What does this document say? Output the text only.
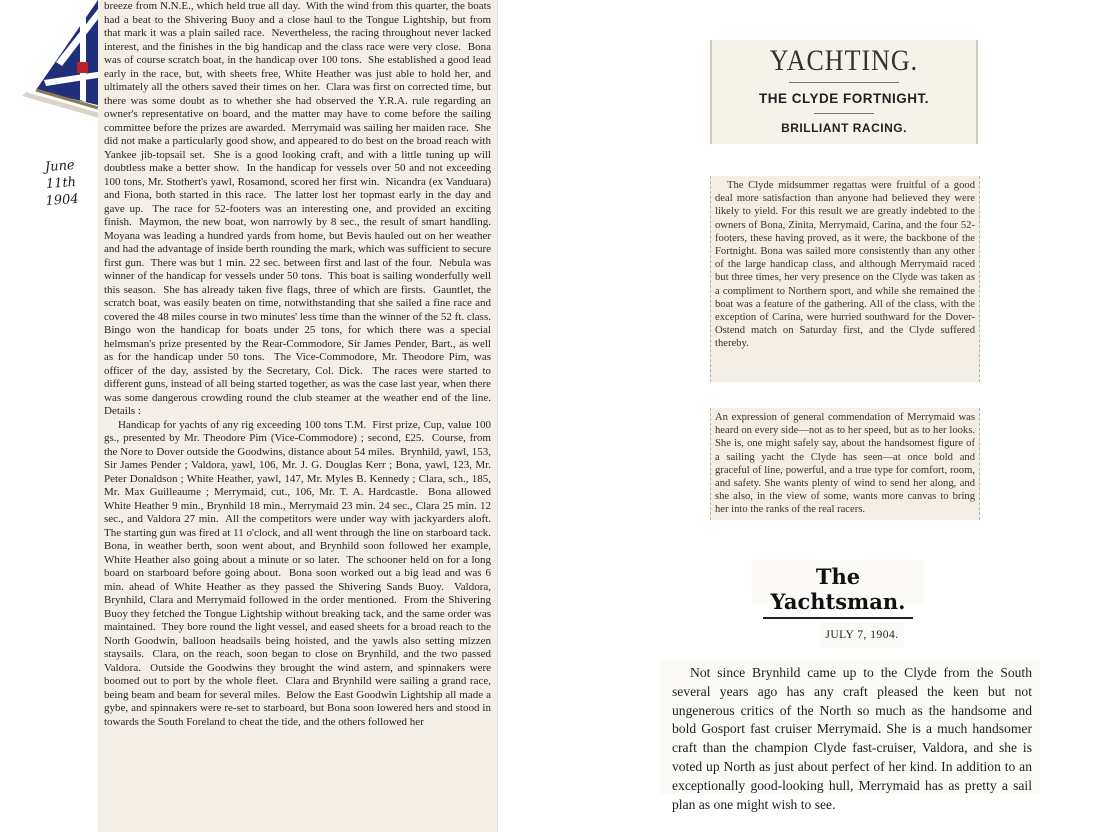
June 11th
1904

breeze from N.N.E., which held true all day.  With the wind from this quarter, the boats had a beat to the Shivering Buoy and a close haul to the Tongue Lightship, but from that mark it was a plain sailed race.  Nevertheless, the racing throughout never lacked interest, and the finishes in the big handicap and the class race were very close.  Bona was of course scratch boat, in the handicap over 100 tons.  She established a good lead early in the race, but, with sheets free, White Heather was just able to hold her, and ultimately all the others saved their times on her.  Clara was first on corrected time, but there was some doubt as to whether she had observed the Y.R.A. rule regarding an owner's representative on board, and the matter may have to come before the sailing committee before the prizes are awarded.  Merrymaid was sailing her maiden race.  She did not make a particularly good show, and appeared to do best on the broad reach with Yankee jib-topsail set.  She is a good looking craft, and with a little tuning up will doubtless make a better show.  In the handicap for vessels over 50 and not exceeding 100 tons, Mr. Stothert's yawl, Rosamond, scored her first win.  Nicandra (ex Vanduara) and Fiona, both started in this race.  The latter lost her topmast early in the day and gave up.  The race for 52-footers was an interesting one, and provided an exciting finish.  Maymon, the new boat, won narrowly by 8 sec., the result of smart handling.  Moyana was leading a hundred yards from home, but Bevis hauled out on her weather and had the advantage of inside berth rounding the mark, which was sufficient to secure first gun.  There was but 1 min. 22 sec. between first and last of the four.  Nebula was winner of the handicap for vessels under 50 tons.  This boat is sailing wonderfully well this season.  She has already taken five flags, three of which are firsts.  Gauntlet, the scratch boat, was easily beaten on time, notwithstanding that she sailed a fine race and covered the 48 miles course in two minutes' less time than the winner of the 52 ft. class.  Bingo won the handicap for boats under 25 tons, for which there was a special helmsman's prize presented by the Rear-Commodore, Sir James Pender, Bart., as well as for the handicap under 50 tons.  The Vice-Commodore, Mr. Theodore Pim, was officer of the day, assisted by the Secretary, Col. Dick.  The races were started to different guns, instead of all being started together, as was the case last year, when there was some dangerous crowding round the club steamer at the weather end of the line.  Details :

Handicap for yachts of any rig exceeding 100 tons T.M.  First prize, Cup, value 100 gs., presented by Mr. Theodore Pim (Vice-Commodore) ; second, £25.  Course, from the Nore to Dover outside the Goodwins, distance about 54 miles.  Brynhild, yawl, 153, Sir James Pender ; Valdora, yawl, 106, Mr. J. G. Douglas Kerr ; Bona, yawl, 123, Mr. Peter Donaldson ; White Heather, yawl, 147, Mr. Myles B. Kennedy ; Clara, sch., 185, Mr. Max Guilleaume ; Merrymaid, cut., 106, Mr. T. A. Hardcastle.  Bona allowed White Heather 9 min., Brynhild 18 min., Merrymaid 23 min. 24 sec., Clara 25 min. 12 sec., and Valdora 27 min.  All the competitors were under way with jackyarders aloft.  The starting gun was fired at 11 o'clock, and all went through the line on starboard tack.  Bona, in weather berth, soon went about, and Brynhild soon followed her example, White Heather also going about a minute or so later.  The schooner held on for a long board on starboard before going about.  Bona soon worked out a big lead and was 6 min. ahead of White Heather as they passed the Shivering Sands Buoy.  Valdora, Brynhild, Clara and Merrymaid followed in the order mentioned.  From the Shivering Buoy they fetched the Tongue Lightship without breaking tack, and the same order was maintained.  They bore round the light vessel, and eased sheets for a broad reach to the North Goodwin, balloon headsails being hoisted, and the yawls also setting mizzen staysails.  Clara, on the reach, soon began to close on Brynhild, and the two passed Valdora.  Outside the Goodwins they brought the wind astern, and spinnakers were boomed out to port by the whole fleet.  Clara and Brynhild were sailing a grand race, being beam and beam for several miles.  Below the East Goodwin Lightship all made a gybe, and spinnakers were re-set to starboard, but Bona soon lowered hers and stood in towards the South Foreland to cheat the tide, and the others followed her

YACHTING.

THE CLYDE FORTNIGHT.

BRILLIANT RACING.

The Clyde midsummer regattas were fruitful of a good deal more satisfaction than anyone had believed they were likely to yield. For this result we are greatly indebted to the owners of Bona, Zinita, Merrymaid, Carina, and the four 52-footers, these having proved, as it were, the backbone of the Fortnight. Bona was sailed more consistently than any other of the large handicap class, and although Merrymaid raced but three times, her very presence on the Clyde was taken as a compliment to Northern sport, and while she remained the boat was a feature of the gathering. All of the class, with the exception of Carina, were hurried southward for the Dover-Ostend match on Saturday first, and the Clyde suffered thereby.

An expression of general commendation of Merrymaid was heard on every side—not as to her speed, but as to her looks. She is, one might safely say, about the handsomest figure of a sailing yacht the Clyde has seen—at once bold and graceful of line, powerful, and a true type for comfort, room, and safety. She wants plenty of wind to send her along, and she also, in the view of some, wants more canvas to bring her into the ranks of the real racers.

The Yachtsman.

JULY 7, 1904.

Not since Brynhild came up to the Clyde from the South several years ago has any craft pleased the keen but not ungenerous critics of the North so much as the handsome and bold Gosport fast cruiser Merrymaid. She is a much handsomer craft than the champion Clyde fast-cruiser, Valdora, and she is voted up North as just about perfect of her kind. In addition to an exceptionally good-looking hull, Merrymaid has as pretty a sail plan as one might wish to see.
